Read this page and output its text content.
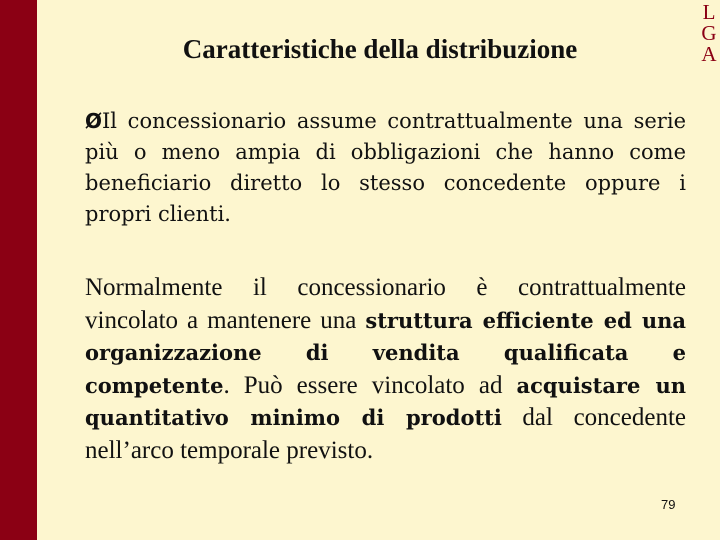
L
G
A
Caratteristiche della distribuzione
ØIl concessionario assume contrattualmente una serie più o meno ampia di obbligazioni che hanno come beneficiario diretto lo stesso concedente oppure i propri clienti.
Normalmente il concessionario è contrattualmente vincolato a mantenere una struttura efficiente ed una organizzazione di vendita qualificata e competente. Può essere vincolato ad acquistare un quantitativo minimo di prodotti dal concedente nell’arco temporale previsto.
79
